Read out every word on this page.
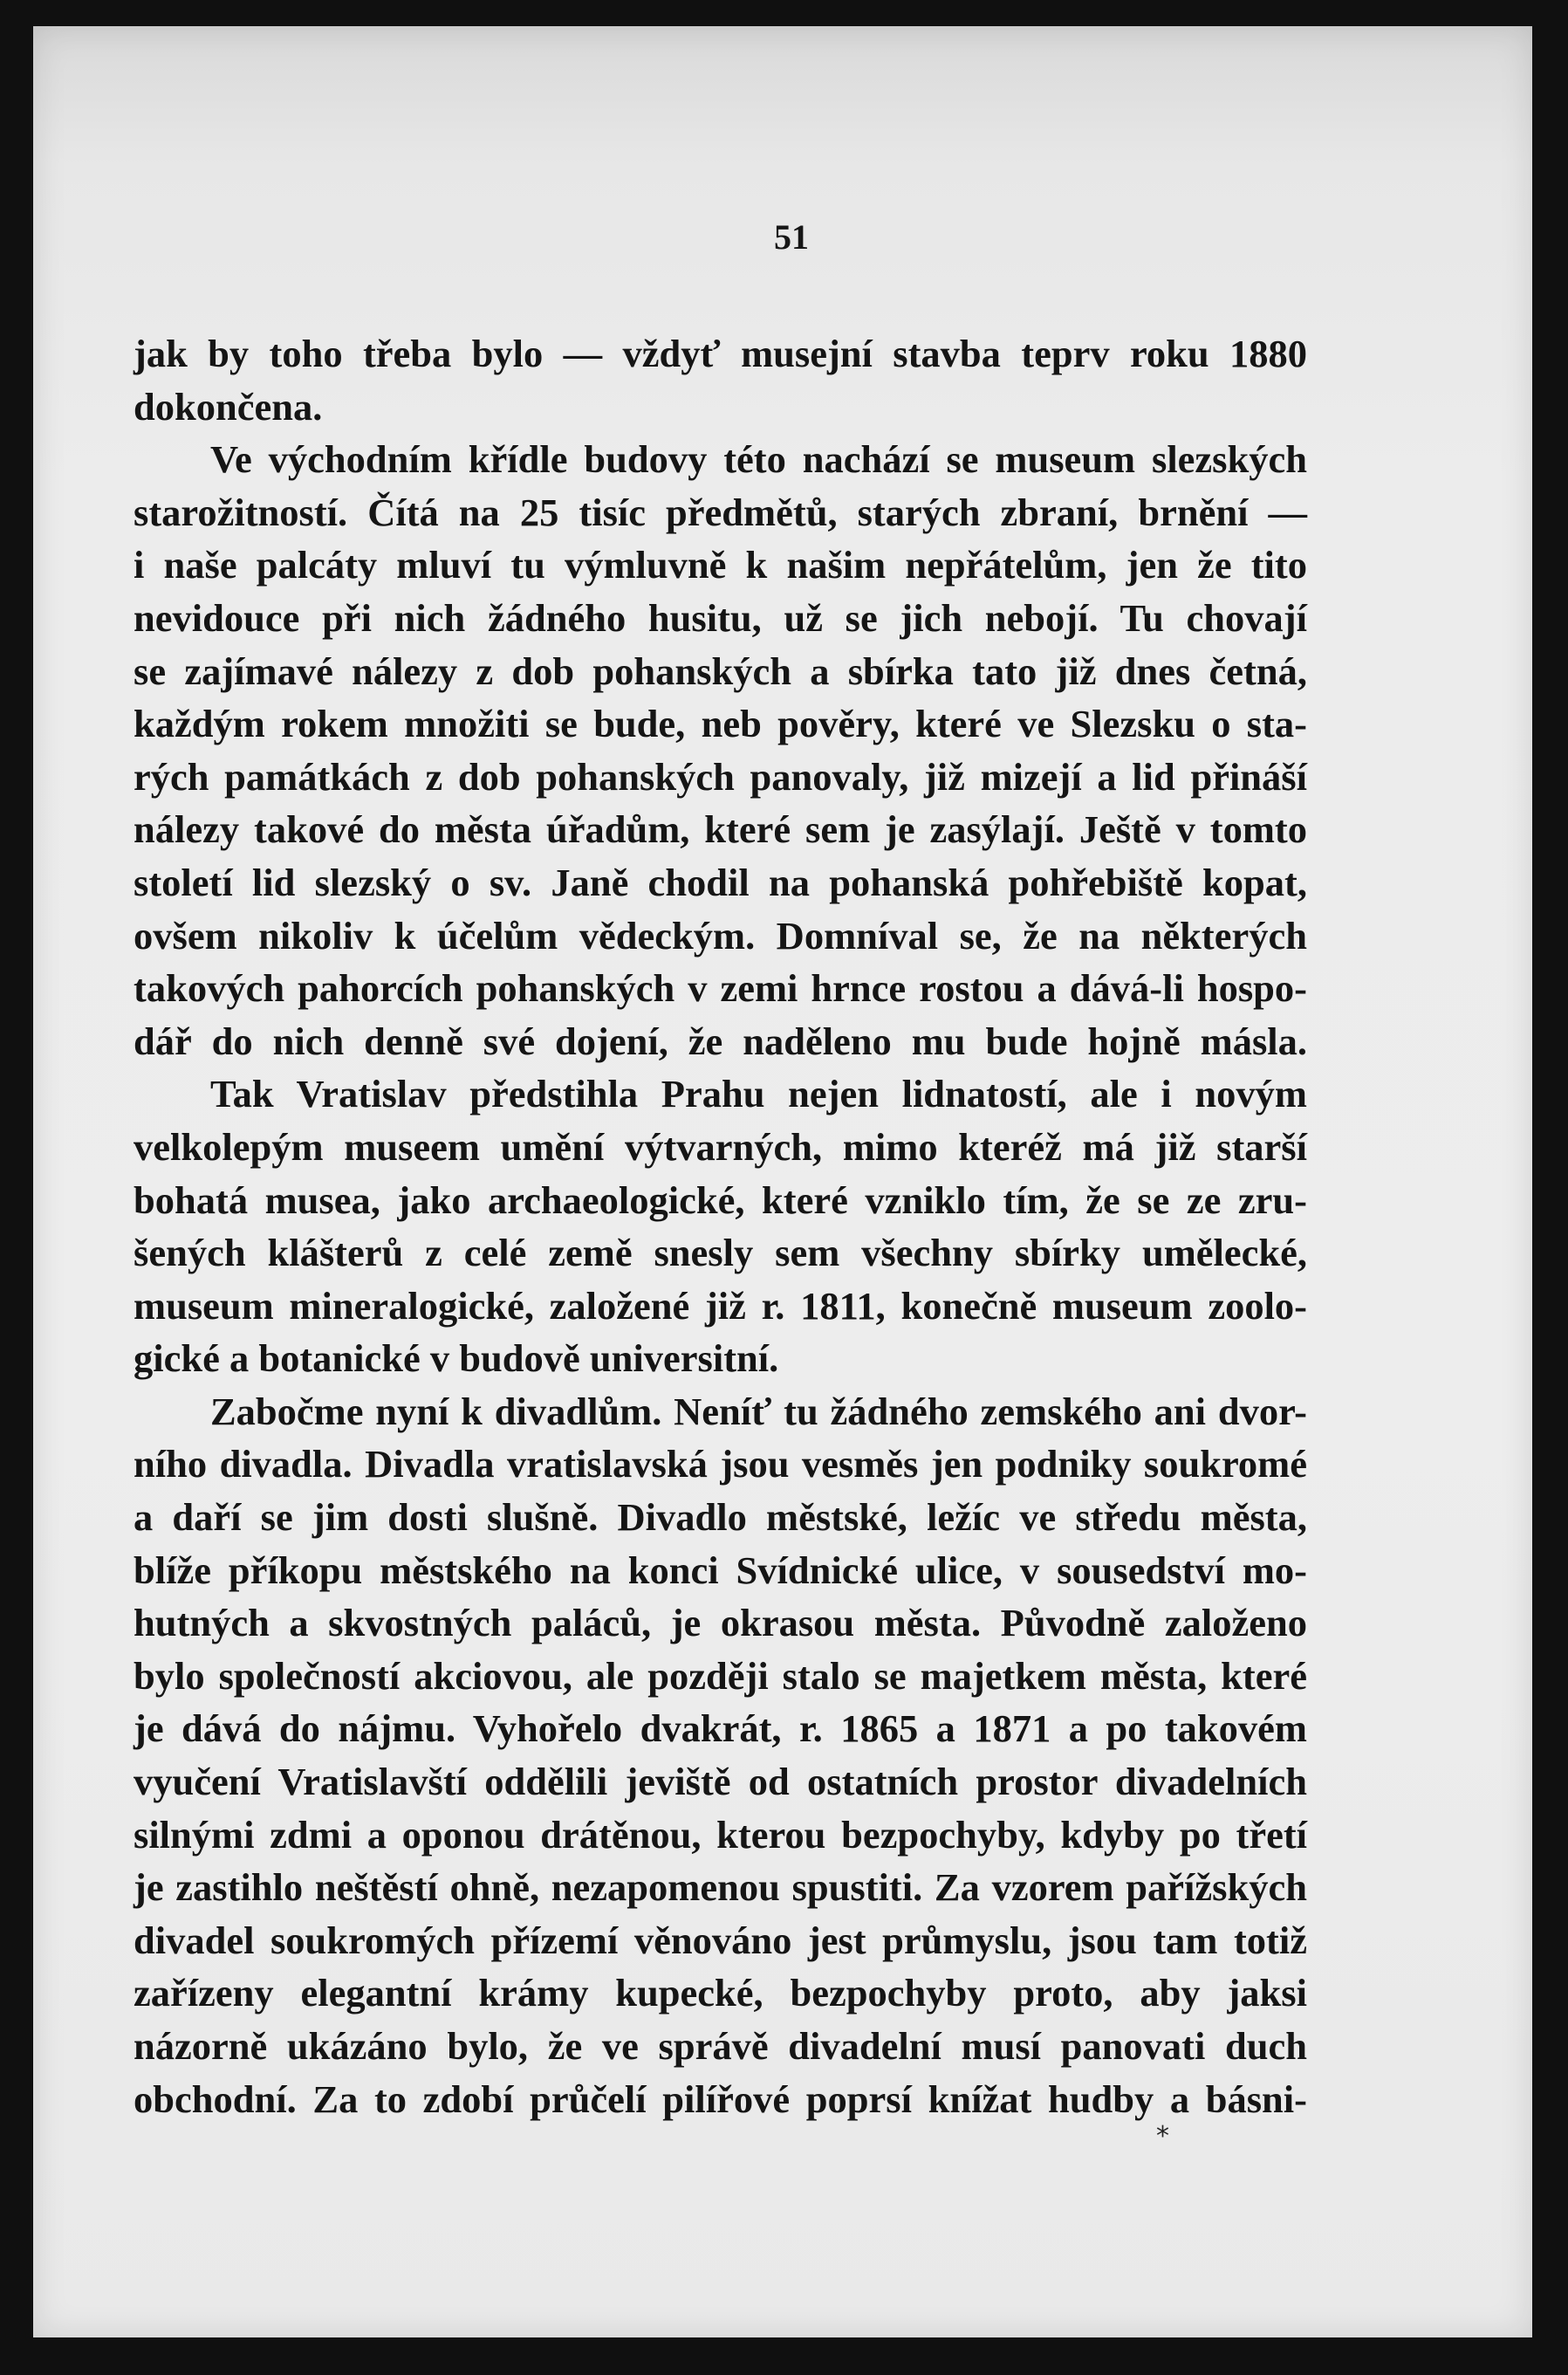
51
jak by toho třeba bylo — vždyť musejní stavba teprv roku 1880
dokončena.
Ve východním křídle budovy této nachází se museum slezských
starožitností. Čítá na 25 tisíc předmětů, starých zbraní, brnění —
i naše palcáty mluví tu výmluvně k našim nepřátelům, jen že tito
nevidouce při nich žádného husitu, už se jich nebojí. Tu chovají
se zajímavé nálezy z dob pohanských a sbírka tato již dnes četná,
každým rokem množiti se bude, neb pověry, které ve Slezsku o sta-
rých památkách z dob pohanských panovaly, již mizejí a lid přináší
nálezy takové do města úřadům, které sem je zasýlají. Ještě v tomto
století lid slezský o sv. Janě chodil na pohanská pohřebiště kopat,
ovšem nikoliv k účelům vědeckým. Domníval se, že na některých
takových pahorcích pohanských v zemi hrnce rostou a dává-li hospo-
dář do nich denně své dojení, že naděleno mu bude hojně másla.
Tak Vratislav předstihla Prahu nejen lidnatostí, ale i novým
velkolepým museem umění výtvarných, mimo kteréž má již starší
bohatá musea, jako archaeologické, které vzniklo tím, že se ze zru-
šených klášterů z celé země snesly sem všechny sbírky umělecké,
museum mineralogické, založené již r. 1811, konečně museum zoolo-
gické a botanické v budově universitní.
Zabočme nyní k divadlům. Neníť tu žádného zemského ani dvor-
ního divadla. Divadla vratislavská jsou vesměs jen podniky soukromé
a daří se jim dosti slušně. Divadlo městské, ležíc ve středu města,
blíže příkopu městského na konci Svídnické ulice, v sousedství mo-
hutných a skvostných paláců, je okrasou města. Původně založeno
bylo společností akciovou, ale později stalo se majetkem města, které
je dává do nájmu. Vyhořelo dvakrát, r. 1865 a 1871 a po takovém
vyučení Vratislavští oddělili jeviště od ostatních prostor divadelních
silnými zdmi a oponou drátěnou, kterou bezpochyby, kdyby po třetí
je zastihlo neštěstí ohně, nezapomenou spustiti. Za vzorem pařížských
divadel soukromých přízemí věnováno jest průmyslu, jsou tam totiž
zařízeny elegantní krámy kupecké, bezpochyby proto, aby jaksi
názorně ukázáno bylo, že ve správě divadelní musí panovati duch
obchodní. Za to zdobí průčelí pilířové poprsí knížat hudby a básni-
*
